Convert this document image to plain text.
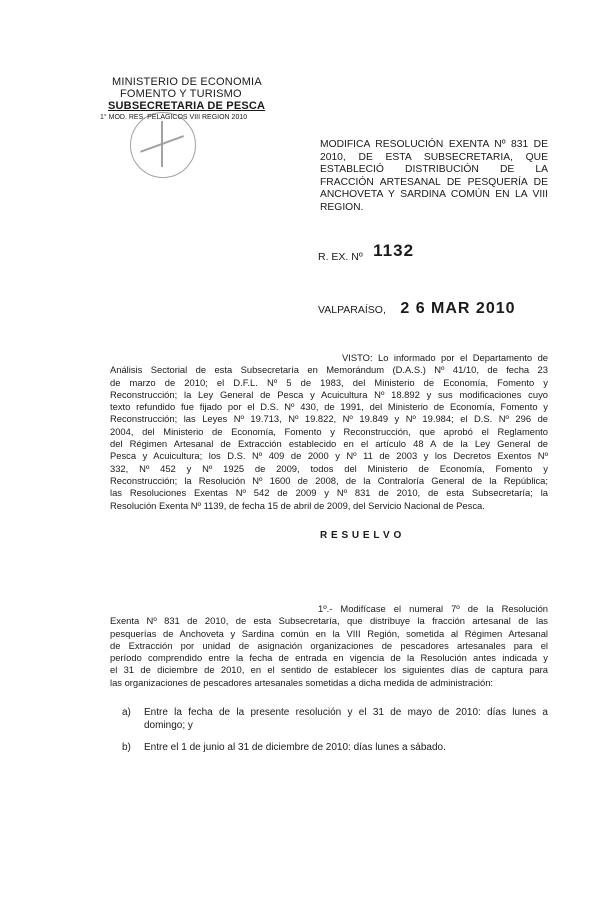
MINISTERIO DE ECONOMIA
FOMENTO Y TURISMO
SUBSECRETARIA DE PESCA
1° MOD. RES. PELAGICOS VIII REGION 2010
MODIFICA RESOLUCIÓN EXENTA Nº 831 DE
2010, DE ESTA SUBSECRETARIA, QUE
ESTABLECIÓ DISTRIBUCIÓN DE LA
FRACCIÓN ARTESANAL DE PESQUERÍA DE
ANCHOVETA Y SARDINA COMÚN EN LA VIII
REGION.
R. EX. Nº 1132
VALPARAÍSO, 2 6 MAR 2010
VISTO: Lo informado por el Departamento de
Análisis Sectorial de esta Subsecretaría en Memorándum (D.A.S.) Nº 41/10, de fecha 23
de marzo de 2010; el D.F.L. Nº 5 de 1983, del Ministerio de Economía, Fomento y
Reconstrucción; la Ley General de Pesca y Acuicultura Nº 18.892 y sus modificaciones cuyo
texto refundido fue fijado por el D.S. Nº 430, de 1991, del Ministerio de Economía, Fomento y
Reconstrucción; las Leyes Nº 19.713, Nº 19.822, Nº 19.849 y Nº 19.984; el D.S. Nº 296 de
2004, del Ministerio de Economía, Fomento y Reconstrucción, que aprobó el Reglamento
del Régimen Artesanal de Extracción establecido en el artículo 48 A de la Ley General de
Pesca y Acuicultura; los D.S. Nº 409 de 2000 y Nº 11 de 2003 y los Decretos Exentos Nº
332, Nº 452 y Nº 1925 de 2009, todos del Ministerio de Economía, Fomento y
Reconstrucción; la Resolución Nº 1600 de 2008, de la Contraloría General de la República;
las Resoluciones Exentas Nº 542 de 2009 y Nº 831 de 2010, de esta Subsecretaría; la
Resolución Exenta Nº 1139, de fecha 15 de abril de 2009, del Servicio Nacional de Pesca.
R E S U E L V O
1º.- Modifícase el numeral 7º de la Resolución
Exenta Nº 831 de 2010, de esta Subsecretaría, que distribuye la fracción artesanal de las
pesquerías de Anchoveta y Sardina común en la VIII Región, sometida al Régimen Artesanal
de Extracción por unidad de asignación organizaciones de pescadores artesanales para el
período comprendido entre la fecha de entrada en vigencia de la Resolución antes indicada y
el 31 de diciembre de 2010, en el sentido de establecer los siguientes días de captura para
las organizaciones de pescadores artesanales sometidas a dicha medida de administración:
a) Entre la fecha de la presente resolución y el 31 de mayo de 2010: días lunes a
domingo; y
b) Entre el 1 de junio al 31 de diciembre de 2010: días lunes a sábado.
